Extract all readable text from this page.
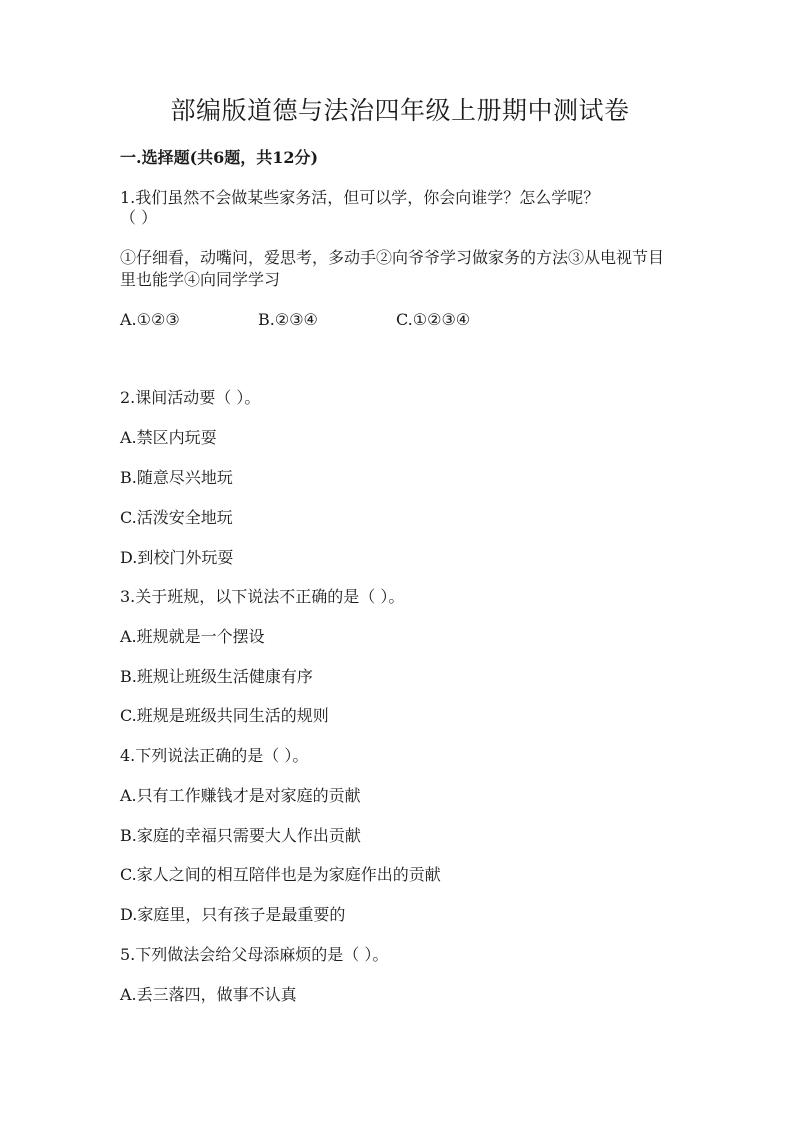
部编版道德与法治四年级上册期中测试卷
一.选择题(共6题，共12分)
1.我们虽然不会做某些家务活，但可以学，你会向谁学？怎么学呢？
（ ）
①仔细看，动嘴问，爱思考，多动手②向爷爷学习做家务的方法③从电视节目
里也能学④向同学学习
A.①②③	B.②③④	C.①②③④
2.课间活动要（ ）。
A.禁区内玩耍
B.随意尽兴地玩
C.活泼安全地玩
D.到校门外玩耍
3.关于班规，以下说法不正确的是（ ）。
A.班规就是一个摆设
B.班规让班级生活健康有序
C.班规是班级共同生活的规则
4.下列说法正确的是（ ）。
A.只有工作赚钱才是对家庭的贡献
B.家庭的幸福只需要大人作出贡献
C.家人之间的相互陪伴也是为家庭作出的贡献
D.家庭里，只有孩子是最重要的
5.下列做法会给父母添麻烦的是（ ）。
A.丢三落四，做事不认真
